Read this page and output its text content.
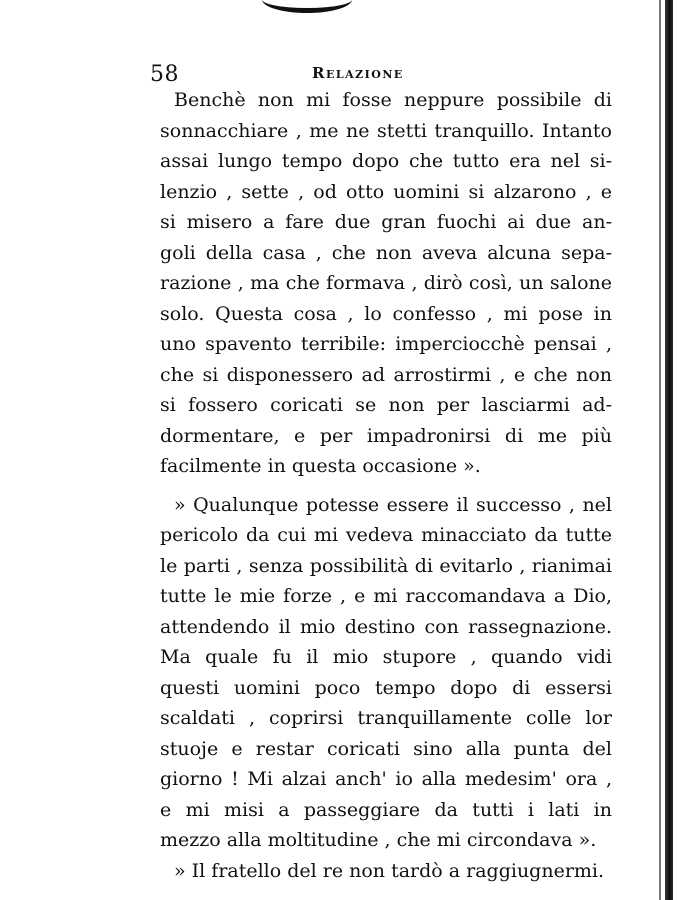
58	Relazione
Benchè non mi fosse neppure possibile di
sonnacchiare , me ne stetti tranquillo. Intanto
assai lungo tempo dopo che tutto era nel si-
lenzio , sette , od otto uomini si alzarono , e
si misero a fare due gran fuochi ai due an-
goli della casa , che non aveva alcuna sepa-
razione , ma che formava , dirò così, un salone
solo. Questa cosa , lo confesso , mi pose in
uno spavento terribile: imperciocchè pensai ,
che si disponessero ad arrostirmi , e che non
si fossero coricati se non per lasciarmi ad-
dormentare, e per impadronirsi di me più
facilmente in questa occasione ».
» Qualunque potesse essere il successo , nel
pericolo da cui mi vedeva minacciato da tutte
le parti , senza possibilità di evitarlo , rianimai
tutte le mie forze , e mi raccomandava a Dio,
attendendo il mio destino con rassegnazione.
Ma quale fu il mio stupore , quando vidi
questi uomini poco tempo dopo di essersi
scaldati , coprirsi tranquillamente colle lor
stuoje e restar coricati sino alla punta del
giorno ! Mi alzai anch' io alla medesim' ora ,
e mi misi a passeggiare da tutti i lati in
mezzo alla moltitudine , che mi circondava ».
» Il fratello del re non tardò a raggiugnermi.
